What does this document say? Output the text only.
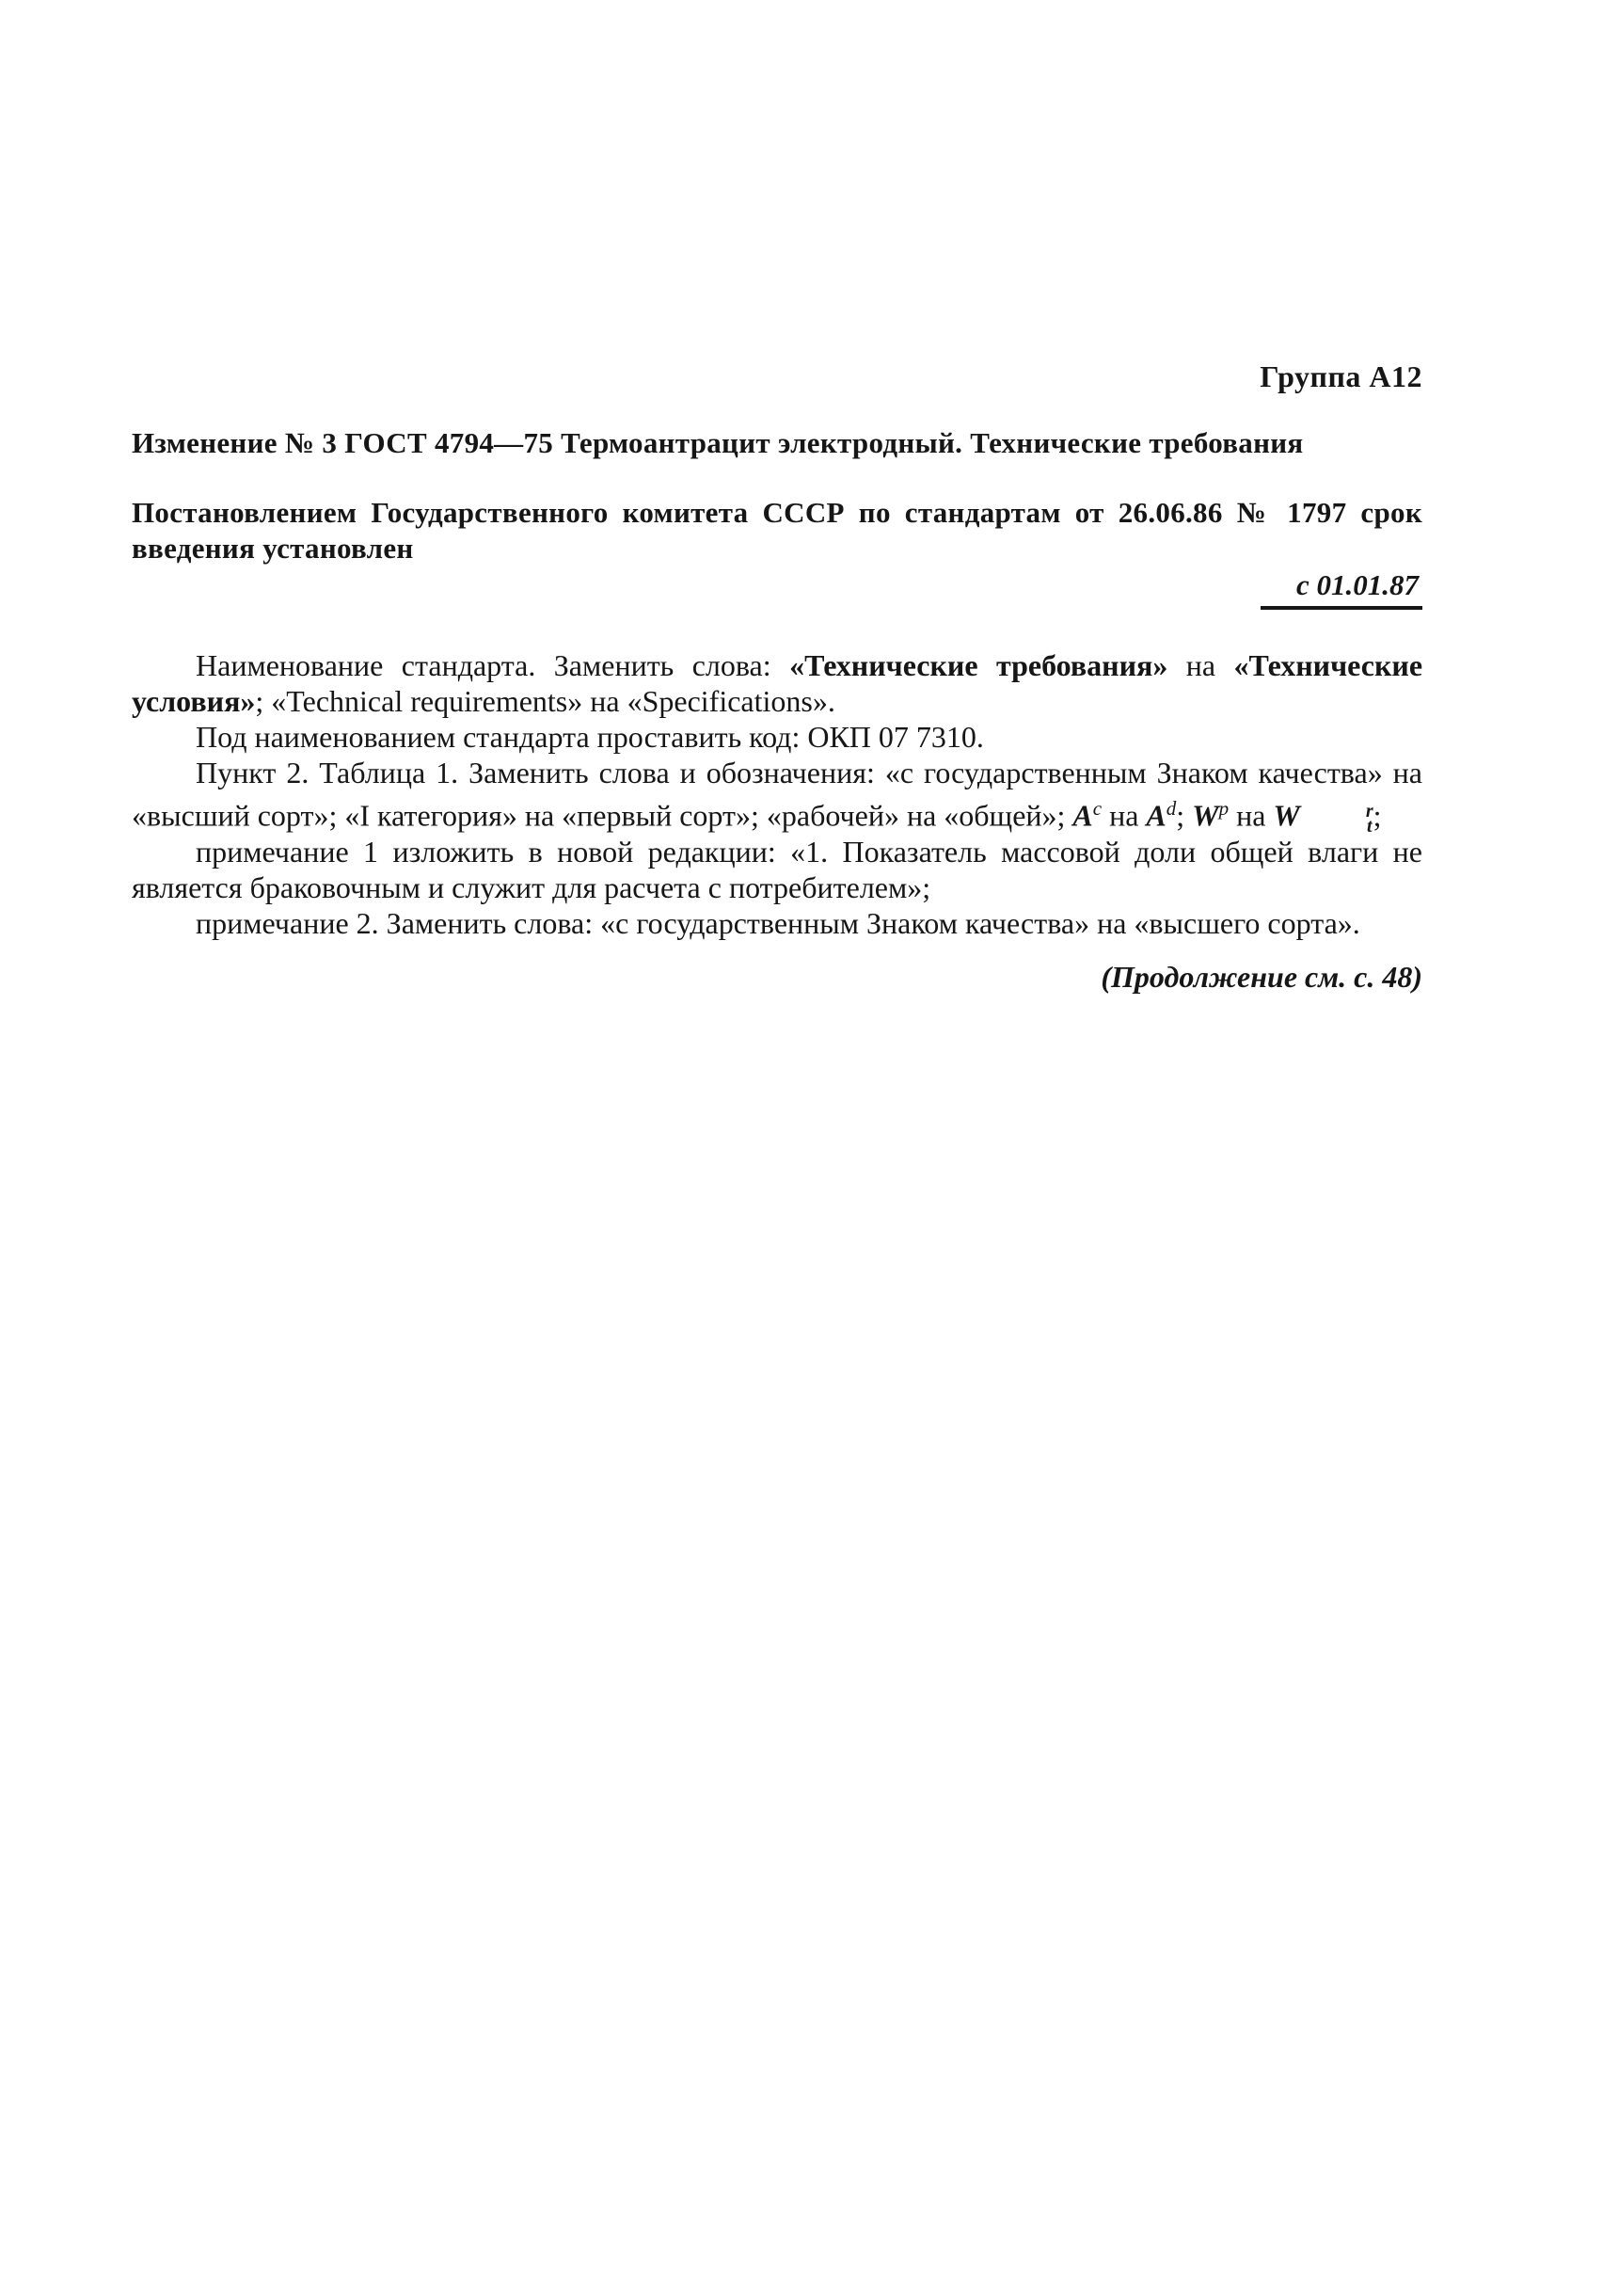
Группа А12
Изменение № 3 ГОСТ 4794—75 Термоантрацит электродный. Технические требования
Постановлением Государственного комитета СССР по стандартам от 26.06.86 № 1797 срок введения установлен
с 01.01.87

Наименование стандарта. Заменить слова: «Технические требования» на «Технические условия»; «Technical requirements» на «Specifications».

Под наименованием стандарта проставить код: ОКП 07 7310.

Пункт 2. Таблица 1. Заменить слова и обозначения: «с государственным Знаком качества» на «высший сорт»; «I категория» на «первый сорт»; «рабочей» на «общей»; $A^с$ на $A^d$; $W^р$ на W	r
t ;

примечание 1 изложить в новой редакции: «1. Показатель массовой доли общей влаги не является браковочным и служит для расчета с потребителем»;

примечание 2. Заменить слова: «с государственным Знаком качества» на «высшего сорта».

(Продолжение см. с. 48)
